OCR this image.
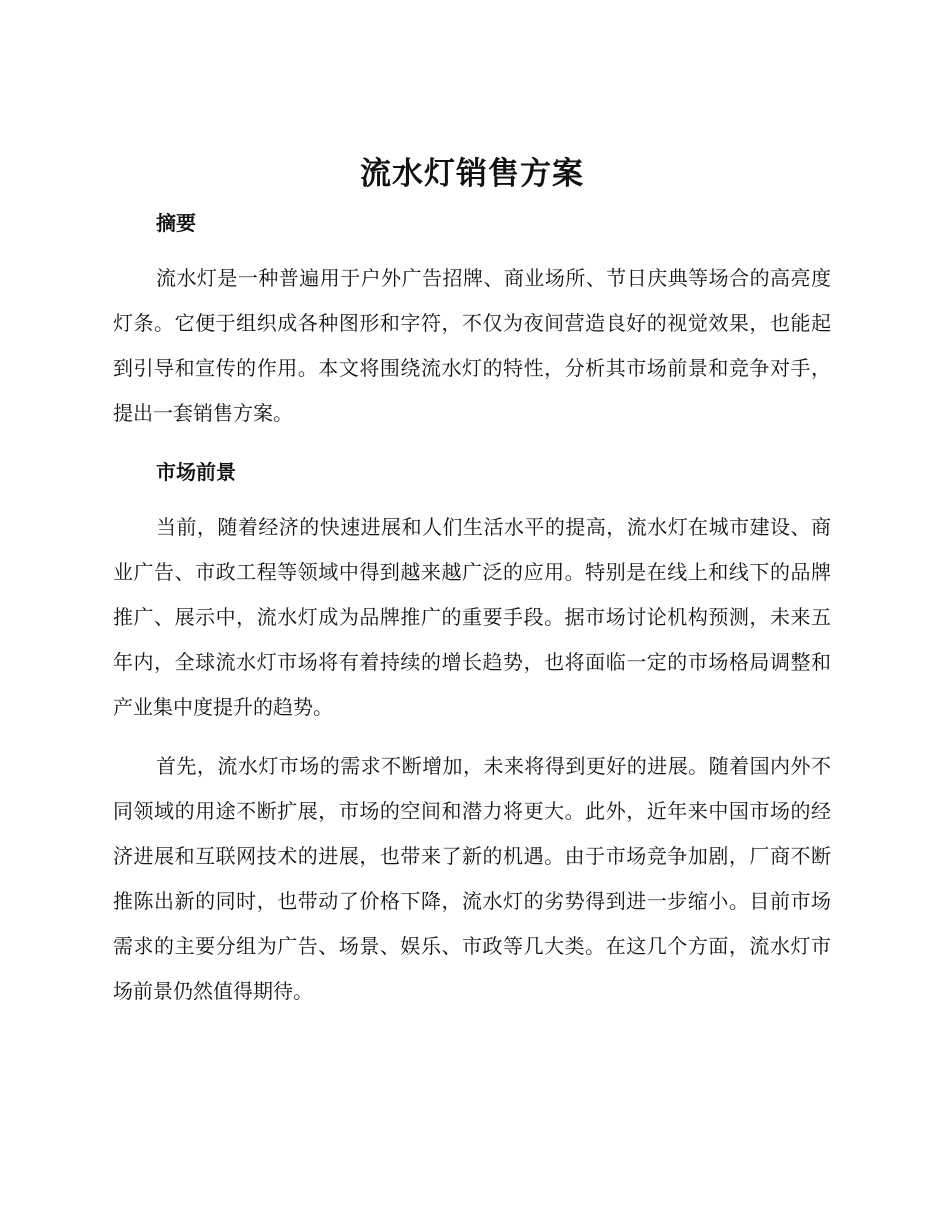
流水灯销售方案
摘要

流水灯是一种普遍用于户外广告招牌、商业场所、节日庆典等场合的高亮度灯条。它便于组织成各种图形和字符，不仅为夜间营造良好的视觉效果，也能起到引导和宣传的作用。本文将围绕流水灯的特性，分析其市场前景和竞争对手，提出一套销售方案。

市场前景

当前，随着经济的快速进展和人们生活水平的提高，流水灯在城市建设、商业广告、市政工程等领域中得到越来越广泛的应用。特别是在线上和线下的品牌推广、展示中，流水灯成为品牌推广的重要手段。据市场讨论机构预测，未来五年内，全球流水灯市场将有着持续的增长趋势，也将面临一定的市场格局调整和产业集中度提升的趋势。

首先，流水灯市场的需求不断增加，未来将得到更好的进展。随着国内外不同领域的用途不断扩展，市场的空间和潜力将更大。此外，近年来中国市场的经济进展和互联网技术的进展，也带来了新的机遇。由于市场竞争加剧，厂商不断推陈出新的同时，也带动了价格下降，流水灯的劣势得到进一步缩小。目前市场需求的主要分组为广告、场景、娱乐、市政等几大类。在这几个方面，流水灯市场前景仍然值得期待。
